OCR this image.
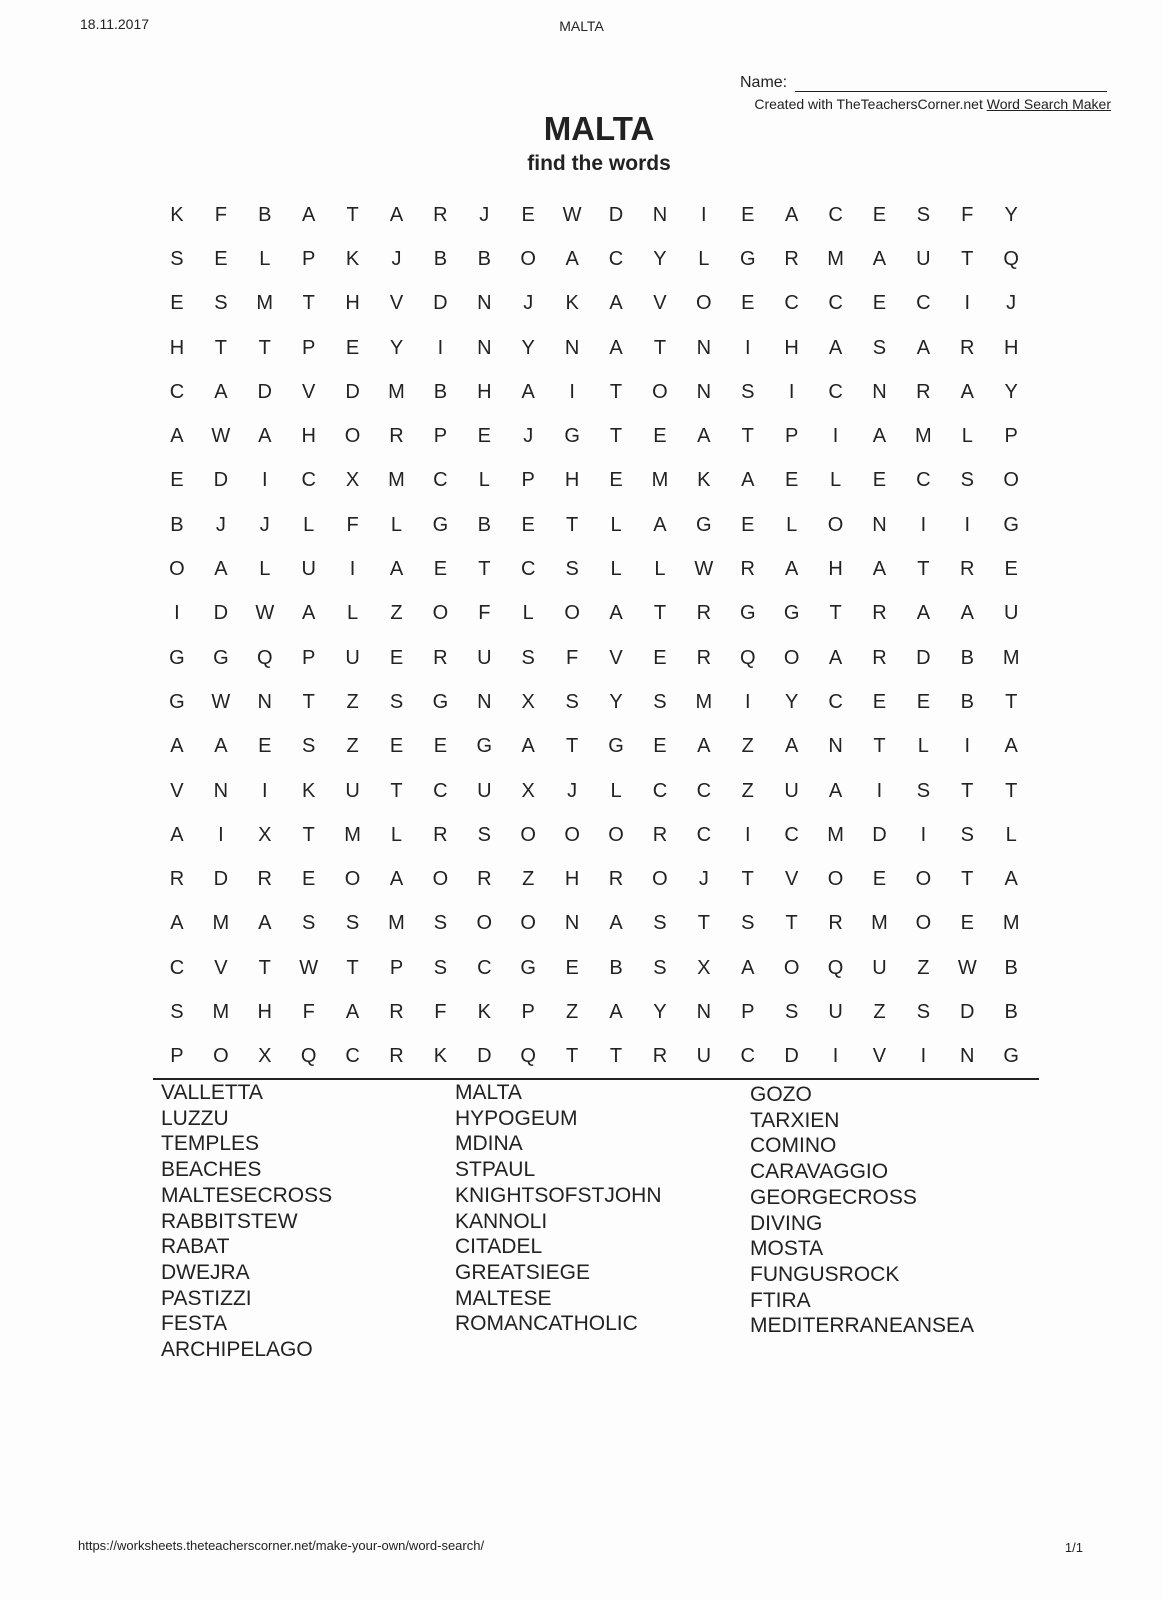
18.11.2017	MALTA
Name:
Created with TheTeachersCorner.net Word Search Maker
MALTA
find the words
K	F	B	A	T	A	R	J	E	W	D	N	I	E	A	C	E	S	F	Y
S	E	L	P	K	J	B	B	O	A	C	Y	L	G	R	M	A	U	T	Q
E	S	M	T	H	V	D	N	J	K	A	V	O	E	C	C	E	C	I	J
H	T	T	P	E	Y	I	N	Y	N	A	T	N	I	H	A	S	A	R	H
C	A	D	V	D	M	B	H	A	I	T	O	N	S	I	C	N	R	A	Y
A	W	A	H	O	R	P	E	J	G	T	E	A	T	P	I	A	M	L	P
E	D	I	C	X	M	C	L	P	H	E	M	K	A	E	L	E	C	S	O
B	J	J	L	F	L	G	B	E	T	L	A	G	E	L	O	N	I	I	G
O	A	L	U	I	A	E	T	C	S	L	L	W	R	A	H	A	T	R	E
I	D	W	A	L	Z	O	F	L	O	A	T	R	G	G	T	R	A	A	U
G	G	Q	P	U	E	R	U	S	F	V	E	R	Q	O	A	R	D	B	M
G	W	N	T	Z	S	G	N	X	S	Y	S	M	I	Y	C	E	E	B	T
A	A	E	S	Z	E	E	G	A	T	G	E	A	Z	A	N	T	L	I	A
V	N	I	K	U	T	C	U	X	J	L	C	C	Z	U	A	I	S	T	T
A	I	X	T	M	L	R	S	O	O	O	R	C	I	C	M	D	I	S	L
R	D	R	E	O	A	O	R	Z	H	R	O	J	T	V	O	E	O	T	A
A	M	A	S	S	M	S	O	O	N	A	S	T	S	T	R	M	O	E	M
C	V	T	W	T	P	S	C	G	E	B	S	X	A	O	Q	U	Z	W	B
S	M	H	F	A	R	F	K	P	Z	A	Y	N	P	S	U	Z	S	D	B
P	O	X	Q	C	R	K	D	Q	T	T	R	U	C	D	I	V	I	N	G
VALLETTA
LUZZU
TEMPLES
BEACHES
MALTESECROSS
RABBITSTEW
RABAT
DWEJRA
PASTIZZI
FESTA
ARCHIPELAGO
MALTA
HYPOGEUM
MDINA
STPAUL
KNIGHTSOFSTJOHN
KANNOLI
CITADEL
GREATSIEGE
MALTESE
ROMANCATHOLIC
GOZO
TARXIEN
COMINO
CARAVAGGIO
GEORGECROSS
DIVING
MOSTA
FUNGUSROCK
FTIRA
MEDITERRANEANSEA
https://worksheets.theteacherscorner.net/make-your-own/word-search/	1/1
